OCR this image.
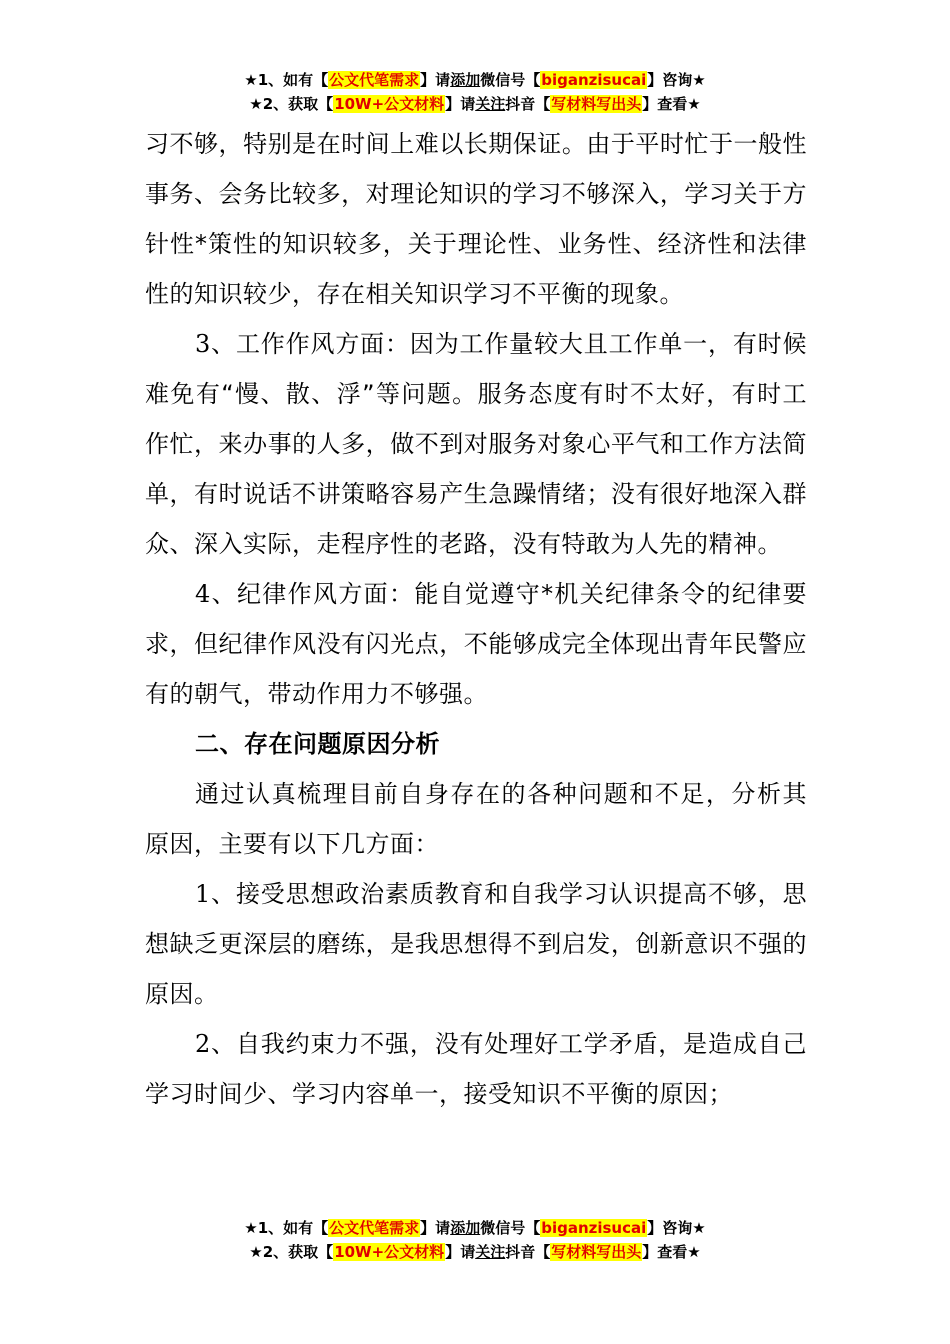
★1、如有【公文代笔需求】请添加微信号【biganzisucai】咨询★
★2、获取【10W+公文材料】请关注抖音【写材料写出头】查看★

习不够，特别是在时间上难以长期保证。由于平时忙于一般性事务、会务比较多，对理论知识的学习不够深入，学习关于方针性*策性的知识较多，关于理论性、业务性、经济性和法律性的知识较少，存在相关知识学习不平衡的现象。

3、工作作风方面：因为工作量较大且工作单一，有时候难免有“慢、散、浮”等问题。服务态度有时不太好，有时工作忙，来办事的人多，做不到对服务对象心平气和工作方法简单，有时说话不讲策略容易产生急躁情绪；没有很好地深入群众、深入实际，走程序性的老路，没有特敢为人先的精神。

4、纪律作风方面：能自觉遵守*机关纪律条令的纪律要求，但纪律作风没有闪光点，不能够成完全体现出青年民警应有的朝气，带动作用力不够强。

二、存在问题原因分析

通过认真梳理目前自身存在的各种问题和不足，分析其原因，主要有以下几方面：

1、接受思想政治素质教育和自我学习认识提高不够，思想缺乏更深层的磨练，是我思想得不到启发，创新意识不强的原因。

2、自我约束力不强，没有处理好工学矛盾，是造成自己学习时间少、学习内容单一，接受知识不平衡的原因；

★1、如有【公文代笔需求】请添加微信号【biganzisucai】咨询★
★2、获取【10W+公文材料】请关注抖音【写材料写出头】查看★
